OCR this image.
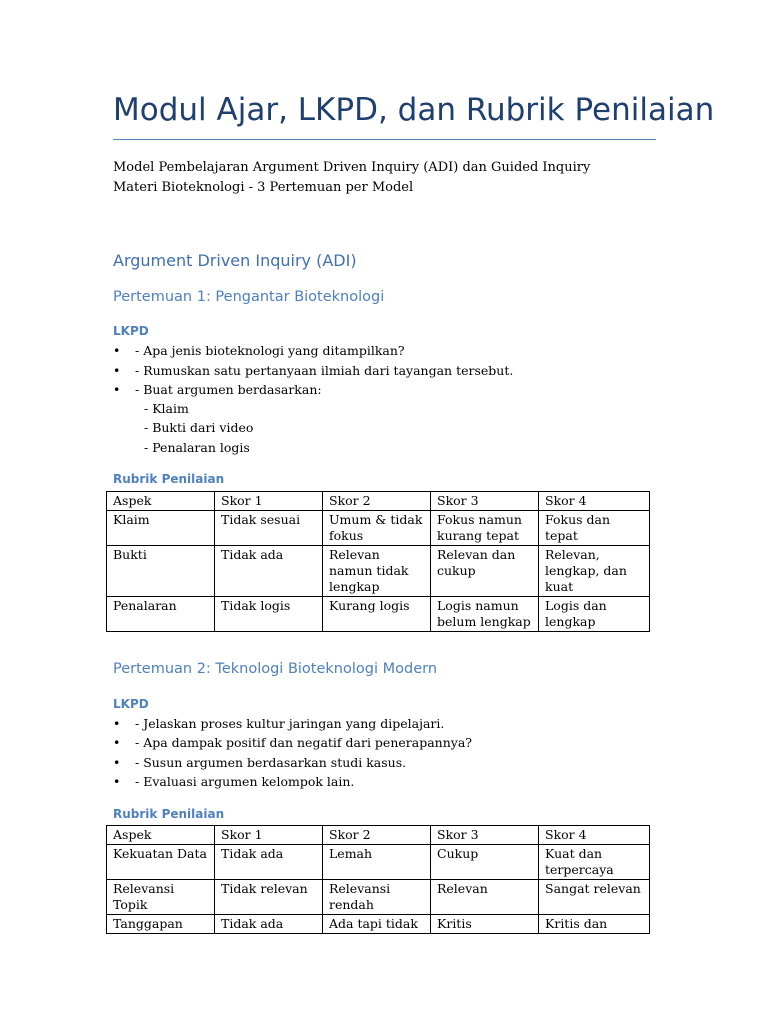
Modul Ajar, LKPD, dan Rubrik Penilaian
Model Pembelajaran Argument Driven Inquiry (ADI) dan Guided Inquiry
Materi Bioteknologi - 3 Pertemuan per Model
Argument Driven Inquiry (ADI)
Pertemuan 1: Pengantar Bioteknologi
LKPD
• - Apa jenis bioteknologi yang ditampilkan?
• - Rumuskan satu pertanyaan ilmiah dari tayangan tersebut.
• - Buat argumen berdasarkan:
- Klaim
- Bukti dari video
- Penalaran logis
Rubrik Penilaian
Aspek	Skor 1	Skor 2	Skor 3	Skor 4
Klaim	Tidak sesuai	Umum & tidak fokus	Fokus namun kurang tepat	Fokus dan tepat
Bukti	Tidak ada	Relevan namun tidak lengkap	Relevan dan cukup	Relevan, lengkap, dan kuat
Penalaran	Tidak logis	Kurang logis	Logis namun belum lengkap	Logis dan lengkap
Pertemuan 2: Teknologi Bioteknologi Modern
LKPD
• - Jelaskan proses kultur jaringan yang dipelajari.
• - Apa dampak positif dan negatif dari penerapannya?
• - Susun argumen berdasarkan studi kasus.
• - Evaluasi argumen kelompok lain.
Rubrik Penilaian
Aspek	Skor 1	Skor 2	Skor 3	Skor 4
Kekuatan Data	Tidak ada	Lemah	Cukup	Kuat dan terpercaya
Relevansi Topik	Tidak relevan	Relevansi rendah	Relevan	Sangat relevan
Tanggapan	Tidak ada	Ada tapi tidak	Kritis	Kritis dan
